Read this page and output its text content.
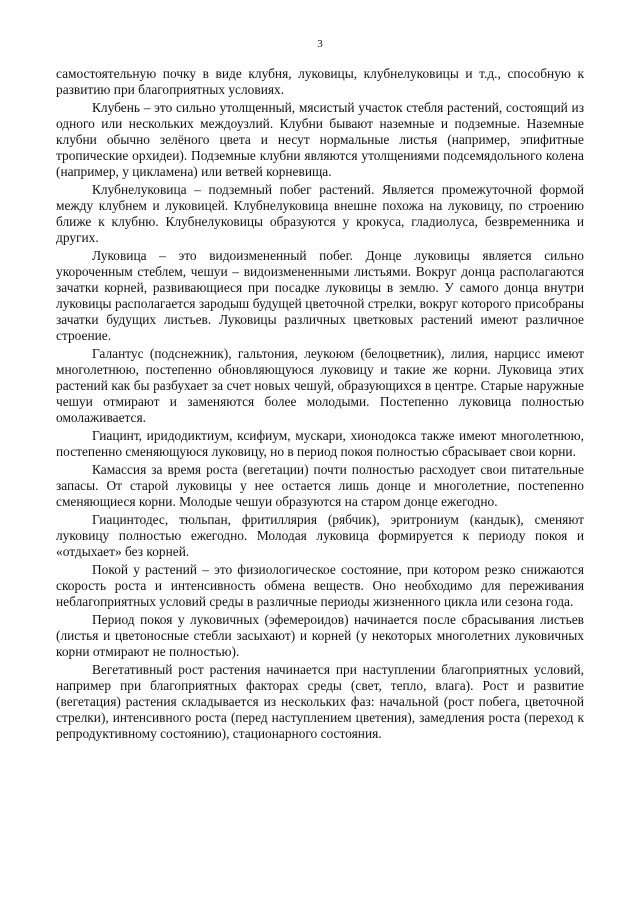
3

самостоятельную почку в виде клубня, луковицы, клубнелуковицы и т.д., способную к развитию при благоприятных условиях.

Клубень – это сильно утолщенный, мясистый участок стебля растений, состоящий из одного или нескольких междоузлий. Клубни бывают наземные и подземные. Наземные клубни обычно зелёного цвета и несут нормальные листья (например, эпифитные тропические орхидеи). Подземные клубни являются утолщениями подсемядольного колена (например, у цикламена) или ветвей корневища.

Клубнелуковица – подземный побег растений. Является промежуточной формой между клубнем и луковицей. Клубнелуковица внешне похожа на луковицу, по строению ближе к клубню. Клубнелуковицы образуются у крокуса, гладиолуса, безвременника и других.

Луковица – это видоизмененный побег. Донце луковицы является сильно укороченным стеблем, чешуи – видоизмененными листьями. Вокруг донца располагаются зачатки корней, развивающиеся при посадке луковицы в землю. У самого донца внутри луковицы располагается зародыш будущей цветочной стрелки, вокруг которого присобраны зачатки будущих листьев. Луковицы различных цветковых растений имеют различное строение.

Галантус (подснежник), гальтония, леукоюм (белоцветник), лилия, нарцисс имеют многолетнюю, постепенно обновляющуюся луковицу и такие же корни. Луковица этих растений как бы разбухает за счет новых чешуй, образующихся в центре. Старые наружные чешуи отмирают и заменяются более молодыми. Постепенно луковица полностью омолаживается.

Гиацинт, иридодиктиум, ксифиум, мускари, хионодокса также имеют многолетнюю, постепенно сменяющуюся луковицу, но в период покоя полностью сбрасывает свои корни.

Камассия за время роста (вегетации) почти полностью расходует свои питательные запасы. От старой луковицы у нее остается лишь донце и многолетние, постепенно сменяющиеся корни. Молодые чешуи образуются на старом донце ежегодно.

Гиацинтодес, тюльпан, фритиллярия (рябчик), эритрониум (кандык), сменяют луковицу полностью ежегодно. Молодая луковица формируется к периоду покоя и «отдыхает» без корней.

Покой у растений – это физиологическое состояние, при котором резко снижаются скорость роста и интенсивность обмена веществ. Оно необходимо для переживания неблагоприятных условий среды в различные периоды жизненного цикла или сезона года.

Период покоя у луковичных (эфемероидов) начинается после сбрасывания листьев (листья и цветоносные стебли засыхают) и корней (у некоторых многолетних луковичных корни отмирают не полностью).

Вегетативный рост растения начинается при наступлении благоприятных условий, например при благоприятных факторах среды (свет, тепло, влага). Рост и развитие (вегетация) растения складывается из нескольких фаз: начальной (рост побега, цветочной стрелки), интенсивного роста (перед наступлением цветения), замедления роста (переход к репродуктивному состоянию), стационарного состояния.
